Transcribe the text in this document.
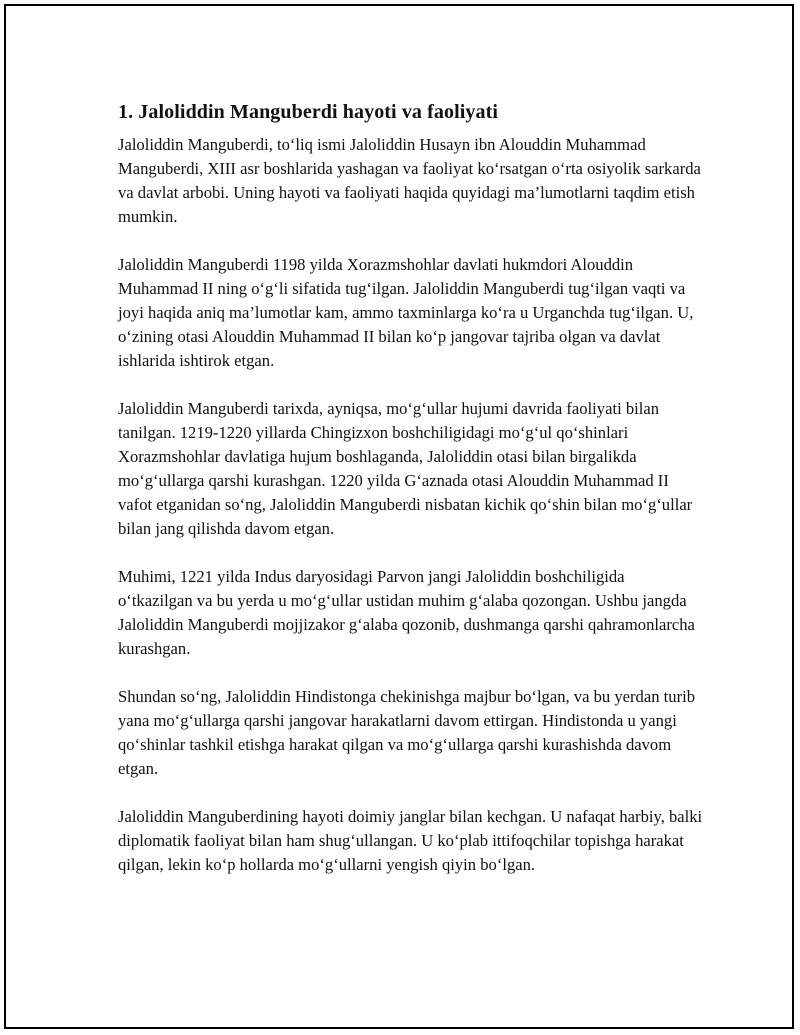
1. Jaloliddin Manguberdi hayoti va faoliyati

Jaloliddin Manguberdi, to‘liq ismi Jaloliddin Husayn ibn Alouddin Muhammad Manguberdi, XIII asr boshlarida yashagan va faoliyat ko‘rsatgan o‘rta osiyolik sarkarda va davlat arbobi. Uning hayoti va faoliyati haqida quyidagi ma’lumotlarni taqdim etish mumkin.

Jaloliddin Manguberdi 1198 yilda Xorazmshohlar davlati hukmdori Alouddin Muhammad II ning o‘g‘li sifatida tug‘ilgan. Jaloliddin Manguberdi tug‘ilgan vaqti va joyi haqida aniq ma’lumotlar kam, ammo taxminlarga ko‘ra u Urganchda tug‘ilgan. U, o‘zining otasi Alouddin Muhammad II bilan ko‘p jangovar tajriba olgan va davlat ishlarida ishtirok etgan.

Jaloliddin Manguberdi tarixda, ayniqsa, mo‘g‘ullar hujumi davrida faoliyati bilan tanilgan. 1219-1220 yillarda Chingizxon boshchiligidagi mo‘g‘ul qo‘shinlari Xorazmshohlar davlatiga hujum boshlaganda, Jaloliddin otasi bilan birgalikda mo‘g‘ullarga qarshi kurashgan. 1220 yilda G‘aznada otasi Alouddin Muhammad II vafot etganidan so‘ng, Jaloliddin Manguberdi nisbatan kichik qo‘shin bilan mo‘g‘ullar bilan jang qilishda davom etgan.

Muhimi, 1221 yilda Indus daryosidagi Parvon jangi Jaloliddin boshchiligida o‘tkazilgan va bu yerda u mo‘g‘ullar ustidan muhim g‘alaba qozongan. Ushbu jangda Jaloliddin Manguberdi mojjizakor g‘alaba qozonib, dushmanga qarshi qahramonlarcha kurashgan.

Shundan so‘ng, Jaloliddin Hindistonga chekinishga majbur bo‘lgan, va bu yerdan turib yana mo‘g‘ullarga qarshi jangovar harakatlarni davom ettirgan. Hindistonda u yangi qo‘shinlar tashkil etishga harakat qilgan va mo‘g‘ullarga qarshi kurashishda davom etgan.

Jaloliddin Manguberdining hayoti doimiy janglar bilan kechgan. U nafaqat harbiy, balki diplomatik faoliyat bilan ham shug‘ullangan. U ko‘plab ittifoqchilar topishga harakat qilgan, lekin ko‘p hollarda mo‘g‘ullarni yengish qiyin bo‘lgan.
